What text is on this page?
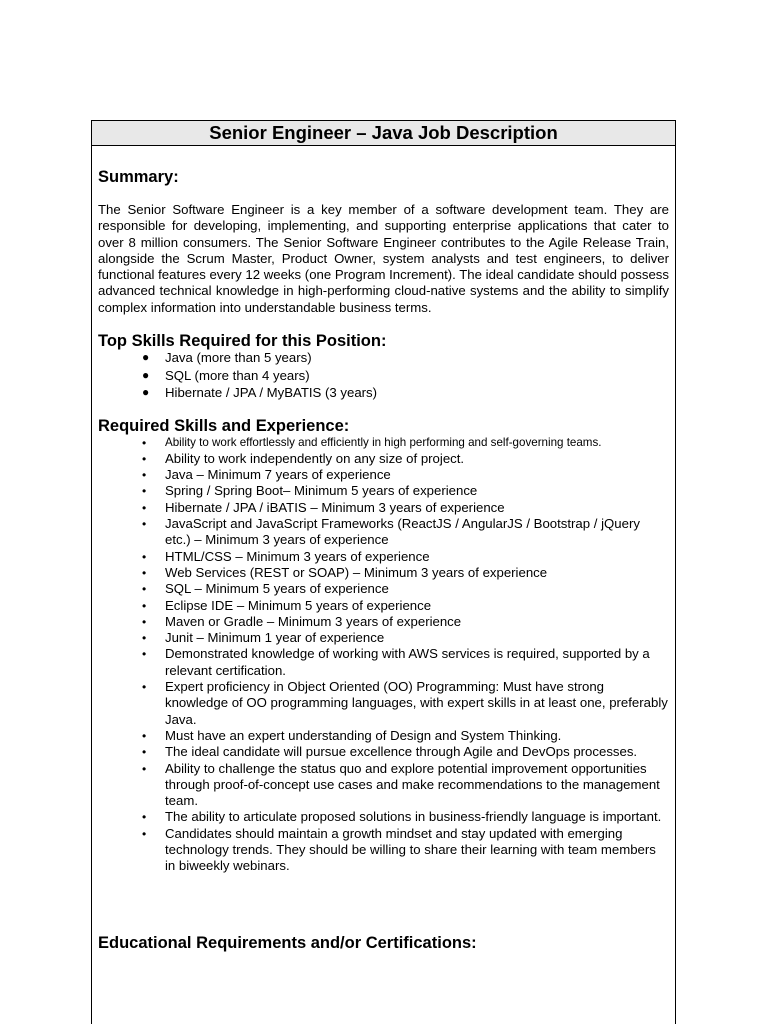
Senior Engineer – Java Job Description
Summary:

The Senior Software Engineer is a key member of a software development team. They are responsible for developing, implementing, and supporting enterprise applications that cater to over 8 million consumers. The Senior Software Engineer contributes to the Agile Release Train, alongside the Scrum Master, Product Owner, system analysts and test engineers, to deliver functional features every 12 weeks (one Program Increment). The ideal candidate should possess advanced technical knowledge in high-performing cloud-native systems and the ability to simplify complex information into understandable business terms.

Top Skills Required for this Position:
● Java (more than 5 years)
● SQL (more than 4 years)
● Hibernate / JPA / MyBATIS (3 years)
Required Skills and Experience:
• Ability to work effortlessly and efficiently in high performing and self-governing teams.
• Ability to work independently on any size of project.
• Java – Minimum 7 years of experience
• Spring / Spring Boot– Minimum 5 years of experience
• Hibernate / JPA / iBATIS – Minimum 3 years of experience
• JavaScript and JavaScript Frameworks (ReactJS / AngularJS / Bootstrap / jQuery etc.) – Minimum 3 years of experience
• HTML/CSS – Minimum 3 years of experience
• Web Services (REST or SOAP) – Minimum 3 years of experience
• SQL – Minimum 5 years of experience
• Eclipse IDE – Minimum 5 years of experience
• Maven or Gradle – Minimum 3 years of experience
• Junit – Minimum 1 year of experience
• Demonstrated knowledge of working with AWS services is required, supported by a relevant certification.
• Expert proficiency in Object Oriented (OO) Programming: Must have strong knowledge of OO programming languages, with expert skills in at least one, preferably Java.
• Must have an expert understanding of Design and System Thinking.
• The ideal candidate will pursue excellence through Agile and DevOps processes.
• Ability to challenge the status quo and explore potential improvement opportunities through proof-of-concept use cases and make recommendations to the management team.
• The ability to articulate proposed solutions in business-friendly language is important.
• Candidates should maintain a growth mindset and stay updated with emerging technology trends. They should be willing to share their learning with team members in biweekly webinars.
Educational Requirements and/or Certifications:
